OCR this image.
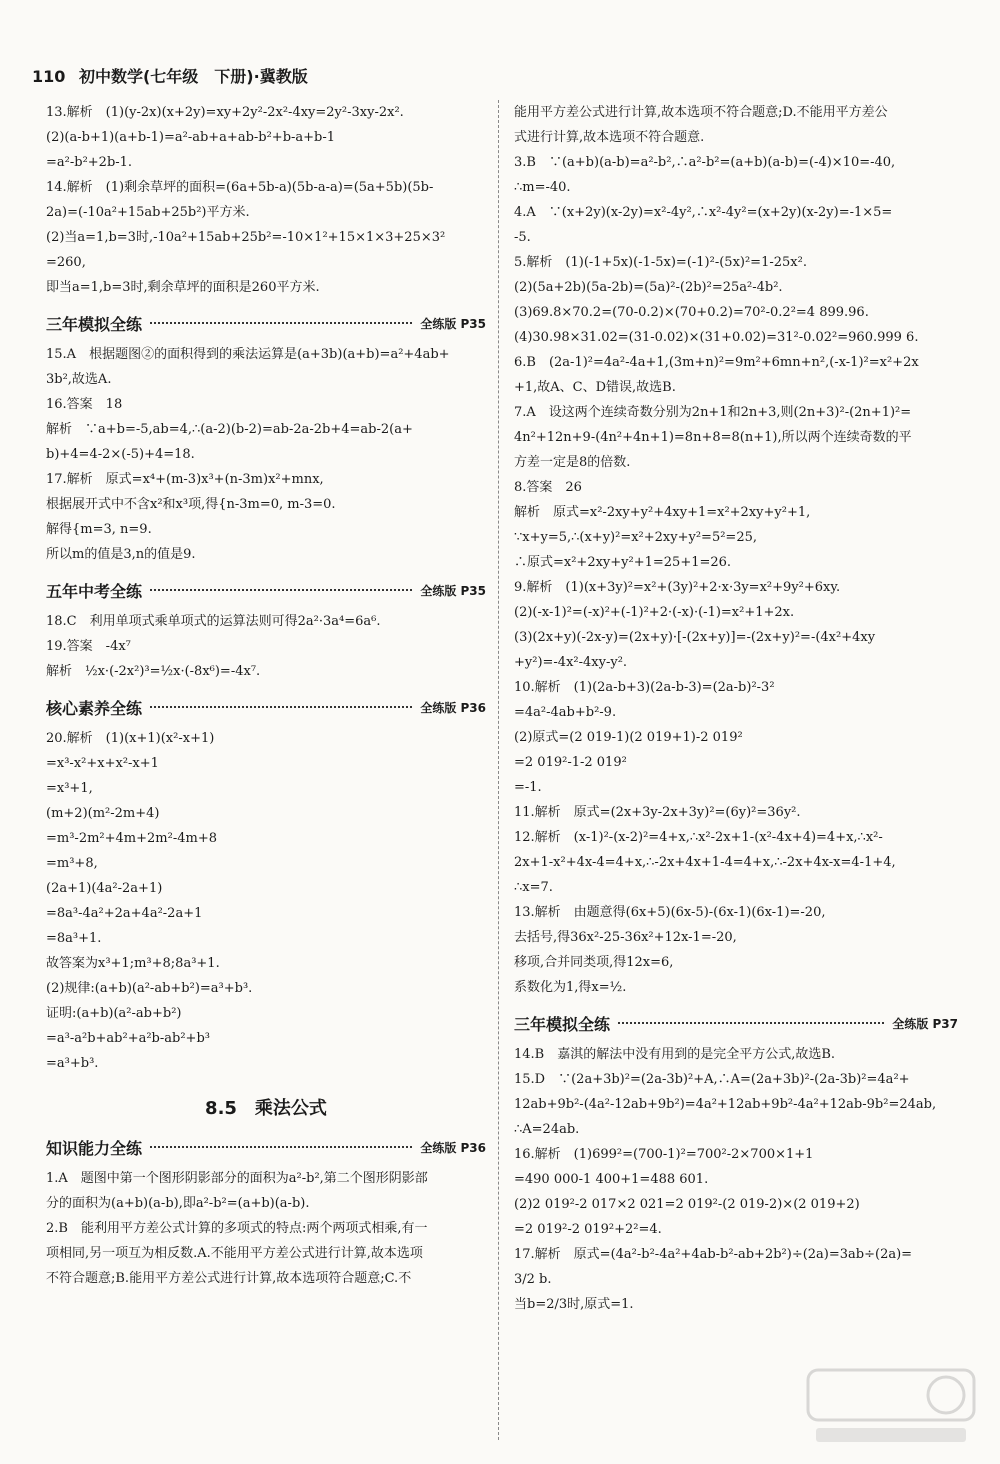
110 初中数学(七年级　下册)·冀教版
13.解析　(1)(y-2x)(x+2y)=xy+2y²-2x²-4xy=2y²-3xy-2x².
(2)(a-b+1)(a+b-1)=a²-ab+a+ab-b²+b-a+b-1
=a²-b²+2b-1.
14.解析　(1)剩余草坪的面积=(6a+5b-a)(5b-a-a)=(5a+5b)(5b-
2a)=(-10a²+15ab+25b²)平方米.
(2)当a=1,b=3时,-10a²+15ab+25b²=-10×1²+15×1×3+25×3²
=260,
即当a=1,b=3时,剩余草坪的面积是260平方米.
三年模拟全练	全练版 P35
15.A　根据题图②的面积得到的乘法运算是(a+3b)(a+b)=a²+4ab+
3b²,故选A.
16.答案　18
解析　∵a+b=-5,ab=4,∴(a-2)(b-2)=ab-2a-2b+4=ab-2(a+
b)+4=4-2×(-5)+4=18.
17.解析　原式=x⁴+(m-3)x³+(n-3m)x²+mnx,
根据展开式中不含x²和x³项,得{n-3m=0, m-3=0.
解得{m=3, n=9.
所以m的值是3,n的值是9.
五年中考全练	全练版 P35
18.C　利用单项式乘单项式的运算法则可得2a²·3a⁴=6a⁶.
19.答案　-4x⁷
解析　½x·(-2x²)³=½x·(-8x⁶)=-4x⁷.
核心素养全练	全练版 P36
20.解析　(1)(x+1)(x²-x+1)
=x³-x²+x+x²-x+1
=x³+1,
(m+2)(m²-2m+4)
=m³-2m²+4m+2m²-4m+8
=m³+8,
(2a+1)(4a²-2a+1)
=8a³-4a²+2a+4a²-2a+1
=8a³+1.
故答案为x³+1;m³+8;8a³+1.
(2)规律:(a+b)(a²-ab+b²)=a³+b³.
证明:(a+b)(a²-ab+b²)
=a³-a²b+ab²+a²b-ab²+b³
=a³+b³.
8.5　乘法公式
知识能力全练	全练版 P36
1.A　题图中第一个图形阴影部分的面积为a²-b²,第二个图形阴影部
分的面积为(a+b)(a-b),即a²-b²=(a+b)(a-b).
2.B　能利用平方差公式计算的多项式的特点:两个两项式相乘,有一
项相同,另一项互为相反数.A.不能用平方差公式进行计算,故本选项
不符合题意;B.能用平方差公式进行计算,故本选项符合题意;C.不
能用平方差公式进行计算,故本选项不符合题意;D.不能用平方差公
式进行计算,故本选项不符合题意.
3.B　∵(a+b)(a-b)=a²-b²,∴a²-b²=(a+b)(a-b)=(-4)×10=-40,
∴m=-40.
4.A　∵(x+2y)(x-2y)=x²-4y²,∴x²-4y²=(x+2y)(x-2y)=-1×5=
-5.
5.解析　(1)(-1+5x)(-1-5x)=(-1)²-(5x)²=1-25x².
(2)(5a+2b)(5a-2b)=(5a)²-(2b)²=25a²-4b².
(3)69.8×70.2=(70-0.2)×(70+0.2)=70²-0.2²=4 899.96.
(4)30.98×31.02=(31-0.02)×(31+0.02)=31²-0.02²=960.999 6.
6.B　(2a-1)²=4a²-4a+1,(3m+n)²=9m²+6mn+n²,(-x-1)²=x²+2x
+1,故A、C、D错误,故选B.
7.A　设这两个连续奇数分别为2n+1和2n+3,则(2n+3)²-(2n+1)²=
4n²+12n+9-(4n²+4n+1)=8n+8=8(n+1),所以两个连续奇数的平
方差一定是8的倍数.
8.答案　26
解析　原式=x²-2xy+y²+4xy+1=x²+2xy+y²+1,
∵x+y=5,∴(x+y)²=x²+2xy+y²=5²=25,
∴原式=x²+2xy+y²+1=25+1=26.
9.解析　(1)(x+3y)²=x²+(3y)²+2·x·3y=x²+9y²+6xy.
(2)(-x-1)²=(-x)²+(-1)²+2·(-x)·(-1)=x²+1+2x.
(3)(2x+y)(-2x-y)=(2x+y)·[-(2x+y)]=-(2x+y)²=-(4x²+4xy
+y²)=-4x²-4xy-y².
10.解析　(1)(2a-b+3)(2a-b-3)=(2a-b)²-3²
=4a²-4ab+b²-9.
(2)原式=(2 019-1)(2 019+1)-2 019²
=2 019²-1-2 019²
=-1.
11.解析　原式=(2x+3y-2x+3y)²=(6y)²=36y².
12.解析　(x-1)²-(x-2)²=4+x,∴x²-2x+1-(x²-4x+4)=4+x,∴x²-
2x+1-x²+4x-4=4+x,∴-2x+4x+1-4=4+x,∴-2x+4x-x=4-1+4,
∴x=7.
13.解析　由题意得(6x+5)(6x-5)-(6x-1)(6x-1)=-20,
去括号,得36x²-25-36x²+12x-1=-20,
移项,合并同类项,得12x=6,
系数化为1,得x=½.
三年模拟全练	全练版 P37
14.B　嘉淇的解法中没有用到的是完全平方公式,故选B.
15.D　∵(2a+3b)²=(2a-3b)²+A,∴A=(2a+3b)²-(2a-3b)²=4a²+
12ab+9b²-(4a²-12ab+9b²)=4a²+12ab+9b²-4a²+12ab-9b²=24ab,
∴A=24ab.
16.解析　(1)699²=(700-1)²=700²-2×700×1+1
=490 000-1 400+1=488 601.
(2)2 019²-2 017×2 021=2 019²-(2 019-2)×(2 019+2)
=2 019²-2 019²+2²=4.
17.解析　原式=(4a²-b²-4a²+4ab-b²-ab+2b²)÷(2a)=3ab÷(2a)=
3/2 b.
当b=2/3时,原式=1.
